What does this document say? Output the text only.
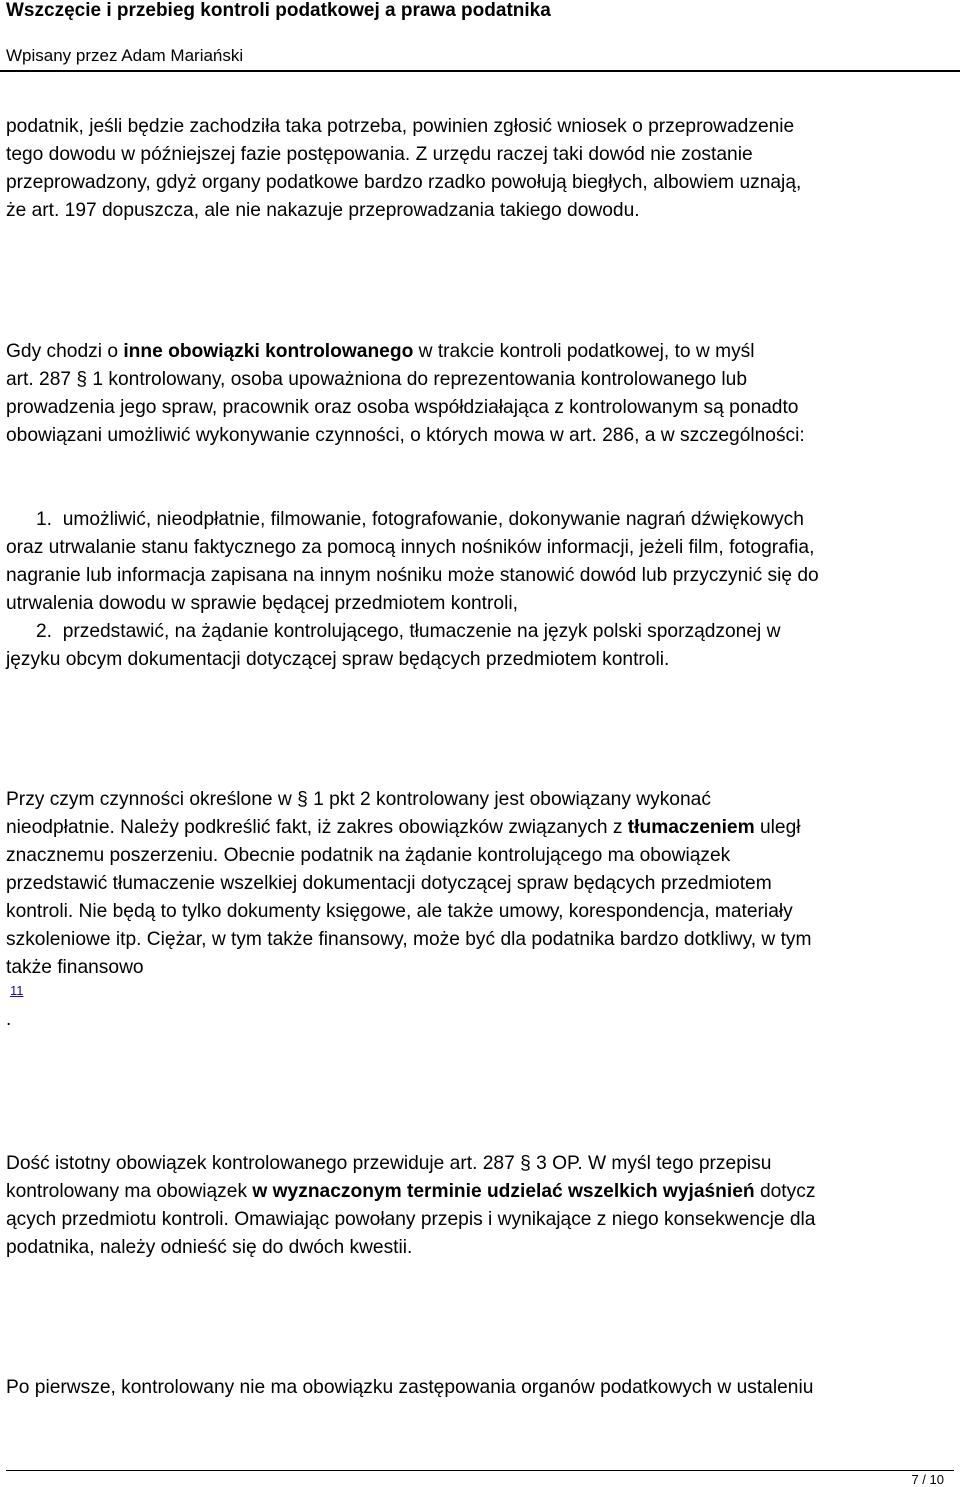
Wszczęcie i przebieg kontroli podatkowej a prawa podatnika
Wpisany przez Adam Mariański
podatnik, jeśli będzie zachodziła taka potrzeba, powinien zgłosić wniosek o przeprowadzenie
tego dowodu w późniejszej fazie postępowania. Z urzędu raczej taki dowód nie zostanie
przeprowadzony, gdyż organy podatkowe bardzo rzadko powołują biegłych, albowiem uznają,
że art. 197 dopuszcza, ale nie nakazuje przeprowadzania takiego dowodu.
Gdy chodzi o inne obowiązki kontrolowanego w trakcie kontroli podatkowej, to w myśl
art. 287 § 1 kontrolowany, osoba upoważniona do reprezentowania kontrolowanego lub
prowadzenia jego spraw, pracownik oraz osoba współdziałająca z kontrolowanym są ponadto
obowiązani umożliwić wykonywanie czynności, o których mowa w art. 286, a w szczególności:
1. umożliwić, nieodpłatnie, filmowanie, fotografowanie, dokonywanie nagrań dźwiękowych
oraz utrwalanie stanu faktycznego za pomocą innych nośników informacji, jeżeli film, fotografia,
nagranie lub informacja zapisana na innym nośniku może stanowić dowód lub przyczynić się do
utrwalenia dowodu w sprawie będącej przedmiotem kontroli,
2. przedstawić, na żądanie kontrolującego, tłumaczenie na język polski sporządzonej w
języku obcym dokumentacji dotyczącej spraw będących przedmiotem kontroli.
Przy czym czynności określone w § 1 pkt 2 kontrolowany jest obowiązany wykonać
nieodpłatnie. Należy podkreślić fakt, iż zakres obowiązków związanych z tłumaczeniem uległ
znacznemu poszerzeniu. Obecnie podatnik na żądanie kontrolującego ma obowiązek
przedstawić tłumaczenie wszelkiej dokumentacji dotyczącej spraw będących przedmiotem
kontroli. Nie będą to tylko dokumenty księgowe, ale także umowy, korespondencja, materiały
szkoleniowe itp. Ciężar, w tym także finansowy, może być dla podatnika bardzo dotkliwy, w tym
także finansowo
11
.
Dość istotny obowiązek kontrolowanego przewiduje art. 287 § 3 OP. W myśl tego przepisu
kontrolowany ma obowiązek w wyznaczonym terminie udzielać wszelkich wyjaśnień dotycz
ących przedmiotu kontroli. Omawiając powołany przepis i wynikające z niego konsekwencje dla
podatnika, należy odnieść się do dwóch kwestii.
Po pierwsze, kontrolowany nie ma obowiązku zastępowania organów podatkowych w ustaleniu
7 / 10
